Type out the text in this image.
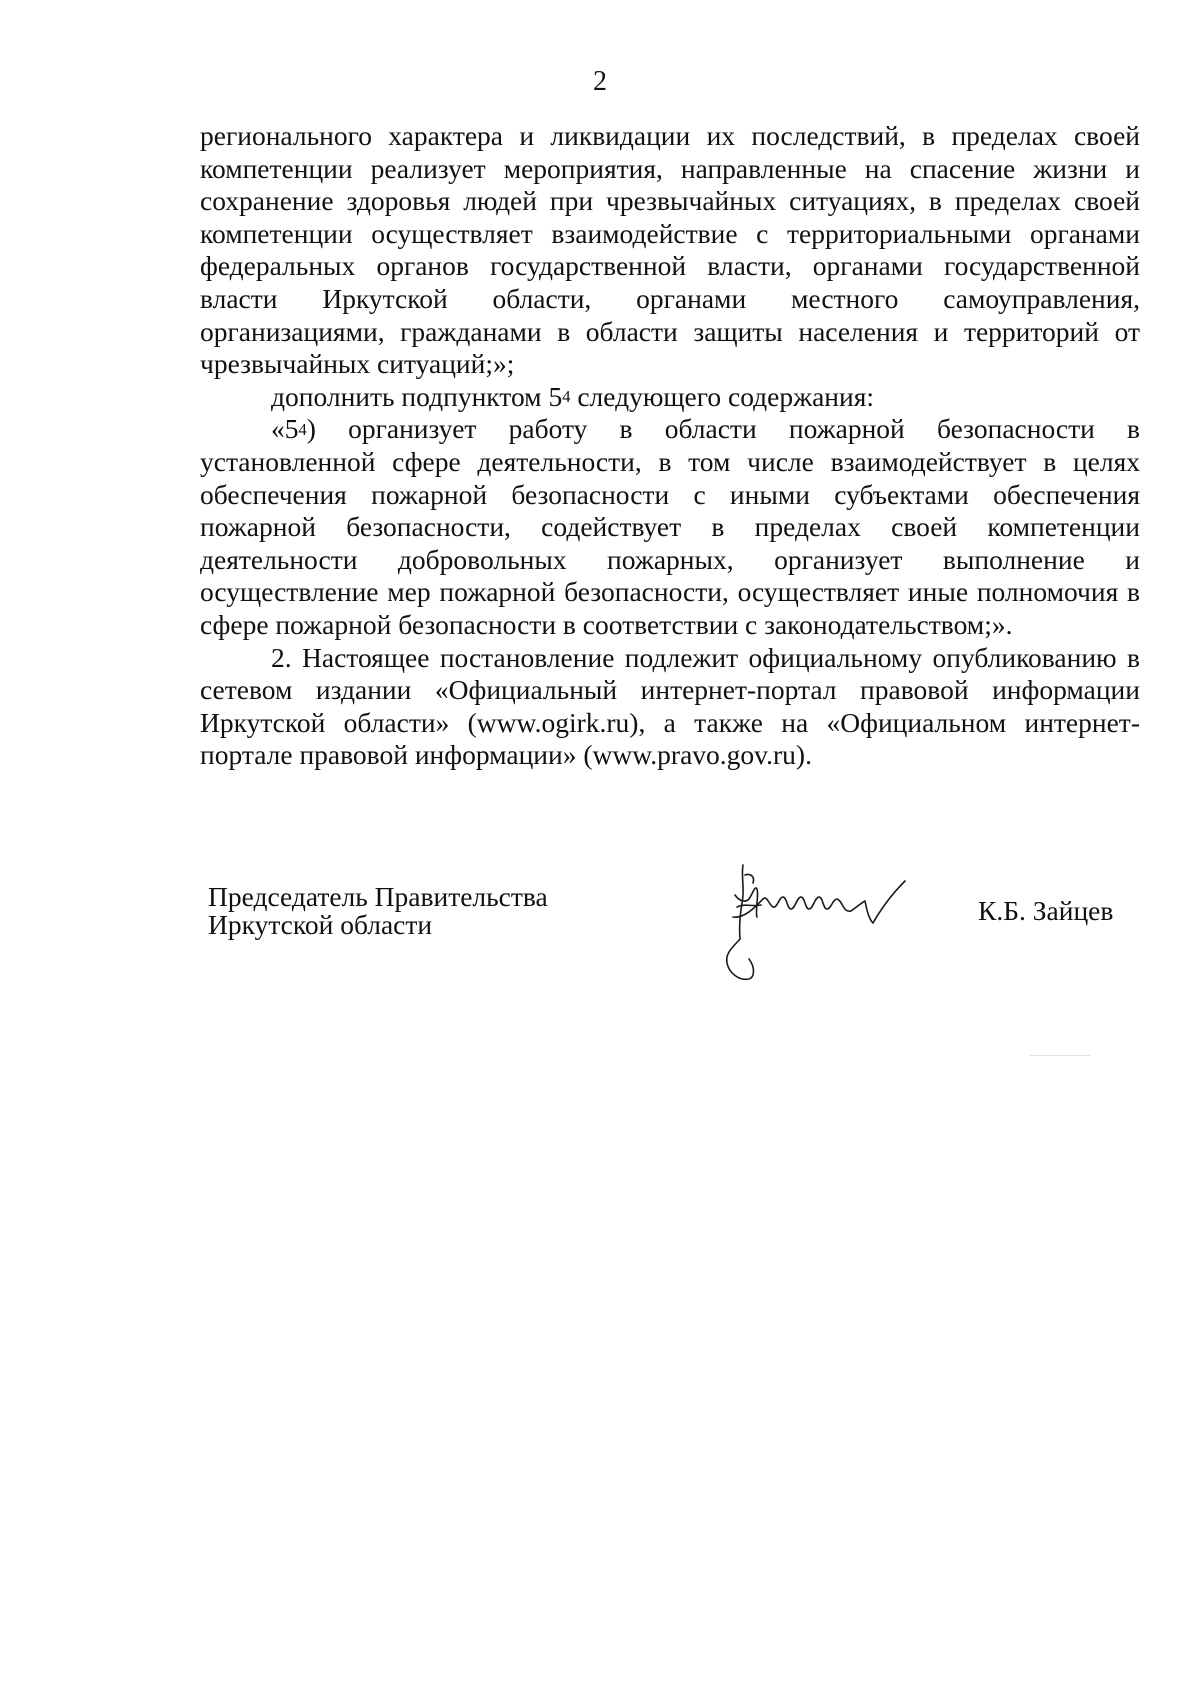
2

регионального характера и ликвидации их последствий, в пределах своей компетенции реализует мероприятия, направленные на спасение жизни и сохранение здоровья людей при чрезвычайных ситуациях, в пределах своей компетенции осуществляет взаимодействие с территориальными органами федеральных органов государственной власти, органами государственной власти Иркутской области, органами местного самоуправления, организациями, гражданами в области защиты населения и территорий от чрезвычайных ситуаций;»;

дополнить подпунктом $5^4$ следующего содержания:

«$5^4$) организует работу в области пожарной безопасности в установленной сфере деятельности, в том числе взаимодействует в целях обеспечения пожарной безопасности с иными субъектами обеспечения пожарной безопасности, содействует в пределах своей компетенции деятельности добровольных пожарных, организует выполнение и осуществление мер пожарной безопасности, осуществляет иные полномочия в сфере пожарной безопасности в соответствии с законодательством;».

2. Настоящее постановление подлежит официальному опубликованию в сетевом издании «Официальный интернет-портал правовой информации Иркутской области» (www.ogirk.ru), а также на «Официальном интернет-портале правовой информации» (www.pravo.gov.ru).

Председатель Правительства
Иркутской области	К.Б. Зайцев
